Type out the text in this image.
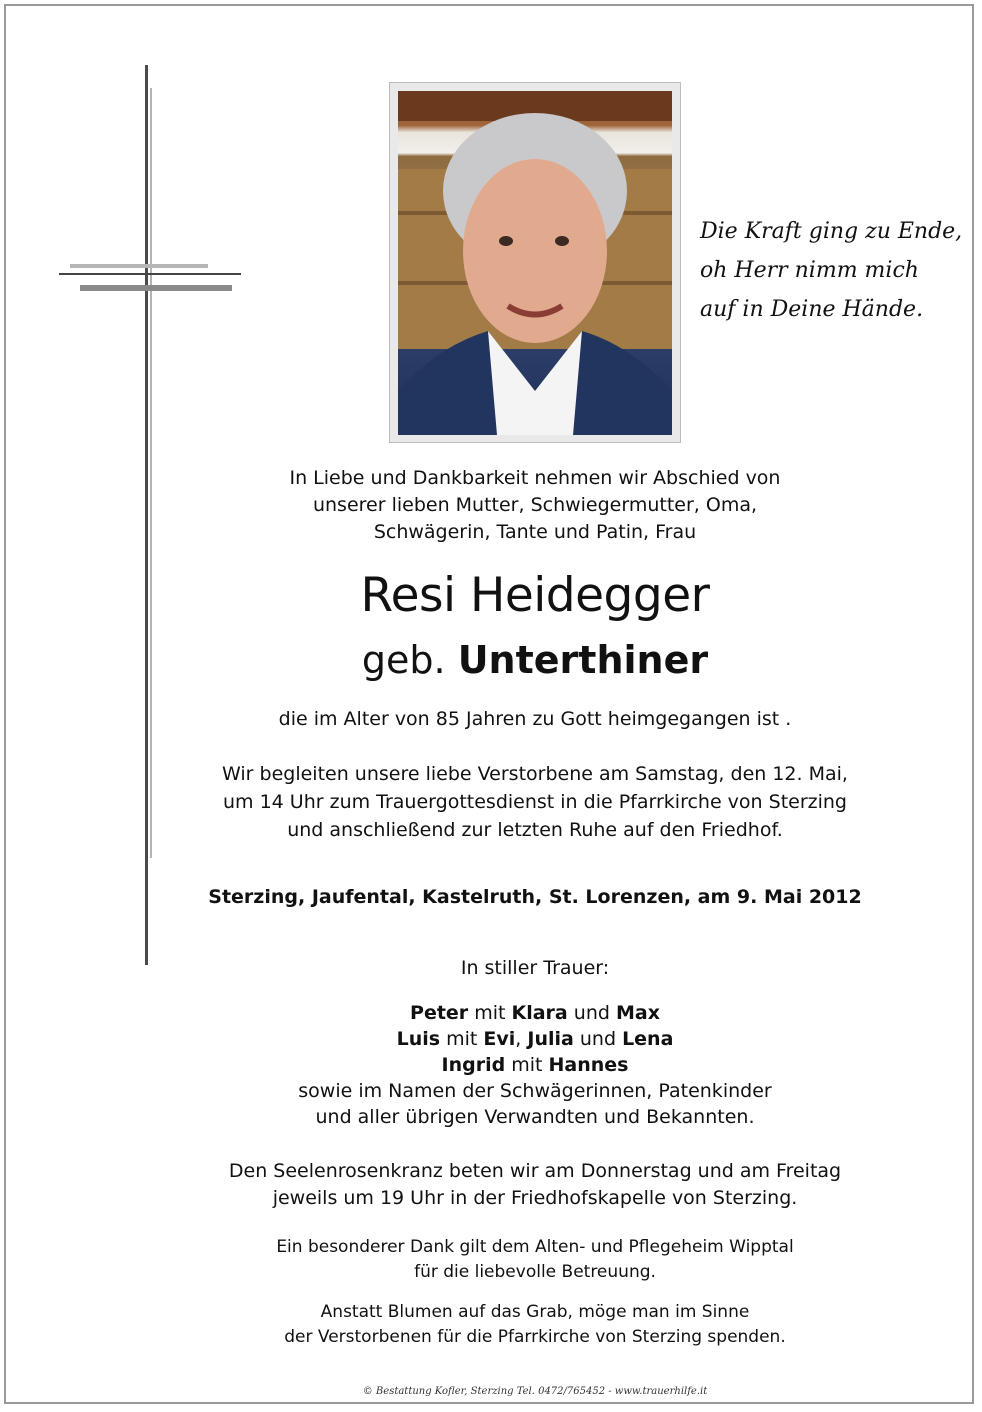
Die Kraft ging zu Ende,
oh Herr nimm mich
auf in Deine Hände.
In Liebe und Dankbarkeit nehmen wir Abschied von
unserer lieben Mutter, Schwiegermutter, Oma,
Schwägerin, Tante und Patin, Frau
Resi Heidegger
geb. Unterthiner
die im Alter von 85 Jahren zu Gott heimgegangen ist .
Wir begleiten unsere liebe Verstorbene am Samstag, den 12. Mai,
um 14 Uhr zum Trauergottesdienst in die Pfarrkirche von Sterzing
und anschließend zur letzten Ruhe auf den Friedhof.
Sterzing, Jaufental, Kastelruth, St. Lorenzen, am 9. Mai 2012
In stiller Trauer:
Peter mit Klara und Max
Luis mit Evi, Julia und Lena
Ingrid mit Hannes
sowie im Namen der Schwägerinnen, Patenkinder
und aller übrigen Verwandten und Bekannten.
Den Seelenrosenkranz beten wir am Donnerstag und am Freitag
jeweils um 19 Uhr in der Friedhofskapelle von Sterzing.
Ein besonderer Dank gilt dem Alten- und Pflegeheim Wipptal
für die liebevolle Betreuung.
Anstatt Blumen auf das Grab, möge man im Sinne
der Verstorbenen für die Pfarrkirche von Sterzing spenden.
© Bestattung Kofler, Sterzing Tel. 0472/765452 - www.trauerhilfe.it
